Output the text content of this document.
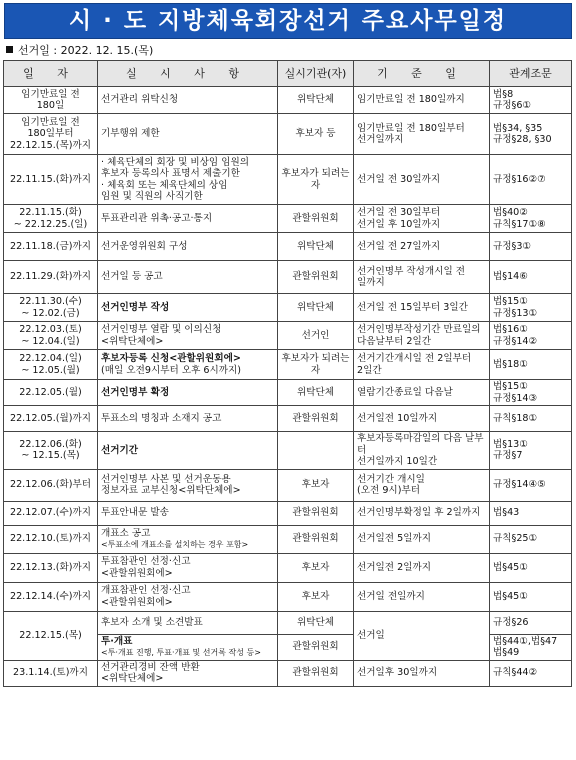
시 · 도 지방체육회장선거 주요사무일정
선거일 : 2022. 12. 15.(목)
일 자	실 시 사 항	실시기관(자)	기 준 일	관계조문

임기만료일 전
180일	선거관리 위탁신청	위탁단체	임기만료일 전 180일까지	법§8
규정§6①

임기만료일 전
180일부터
22.12.15.(목)까지	기부행위 제한	후보자 등	임기만료일 전 180일부터
선거일까지	법§34, §35
규정§28, §30

22.11.15.(화)까지	· 체육단체의 회장 및 비상임 임원의
후보자 등록의사 표명서 제출기한
· 체육회 또는 체육단체의 상임
임원 및 직원의 사직기한	후보자가 되려는 자	선거일 전 30일까지	규정§16②⑦

22.11.15.(화)
~ 22.12.25.(일)	투표관리관 위촉·공고·통지	관할위원회	선거일 전 30일부터
선거일 후 10일까지	법§40②
규칙§17①⑧

22.11.18.(금)까지	선거운영위원회 구성	위탁단체	선거일 전 27일까지	규정§3①

22.11.29.(화)까지	선거일 등 공고	관할위원회	선거인명부 작성개시일 전
일까지	법§14⑥

22.11.30.(수)
~ 12.02.(금)	선거인명부 작성	위탁단체	선거일 전 15일부터 3일간	법§15①
규정§13①

22.12.03.(토)
~ 12.04.(일)	선거인명부 열람 및 이의신청
<위탁단체에>	선거인	선거인명부작성기간 만료일의
다음날부터 2일간	법§16①
규정§14②

22.12.04.(일)
~ 12.05.(월)	후보자등록 신청<관할위원회에>
(매일 오전9시부터 오후 6시까지)	후보자가 되려는 자	선거기간개시일 전 2일부터
2일간	법§18①

22.12.05.(월)	선거인명부 확정	위탁단체	열람기간종료일 다음날	법§15①
규정§14③

22.12.05.(월)까지	투표소의 명칭과 소재지 공고	관할위원회	선거일전 10일까지	규칙§18①

22.12.06.(화)
~ 12.15.(목)	선거기간		후보자등록마감일의 다음 날부터
선거일까지 10일간	법§13①
규정§7

22.12.06.(화)부터	선거인명부 사본 및 선거운동용
정보자료 교부신청<위탁단체에>	후보자	선거기간 개시일
(오전 9시)부터	규정§14④⑤

22.12.07.(수)까지	투표안내문 발송	관할위원회	선거인명부확정일 후 2일까지	법§43

22.12.10.(토)까지	개표소 공고
<투표소에 개표소를 설치하는 경우 포함>	관할위원회	선거일전 5일까지	규칙§25①

22.12.13.(화)까지	투표참관인 선정·신고
<관할위원회에>	후보자	선거일전 2일까지	법§45①

22.12.14.(수)까지	개표참관인 선정·신고
<관할위원회에>	후보자	선거일 전일까지	법§45①

22.12.15.(목)	후보자 소개 및 소견발표	위탁단체	선거일	규정§26

	투·개표
<투·개표 진행, 투표·개표 및 선거록 작성 등>	관할위원회		법§44①,법§47
법§49

23.1.14.(토)까지	선거관리경비 잔액 반환
<위탁단체에>	관할위원회	선거일후 30일까지	규칙§44②
